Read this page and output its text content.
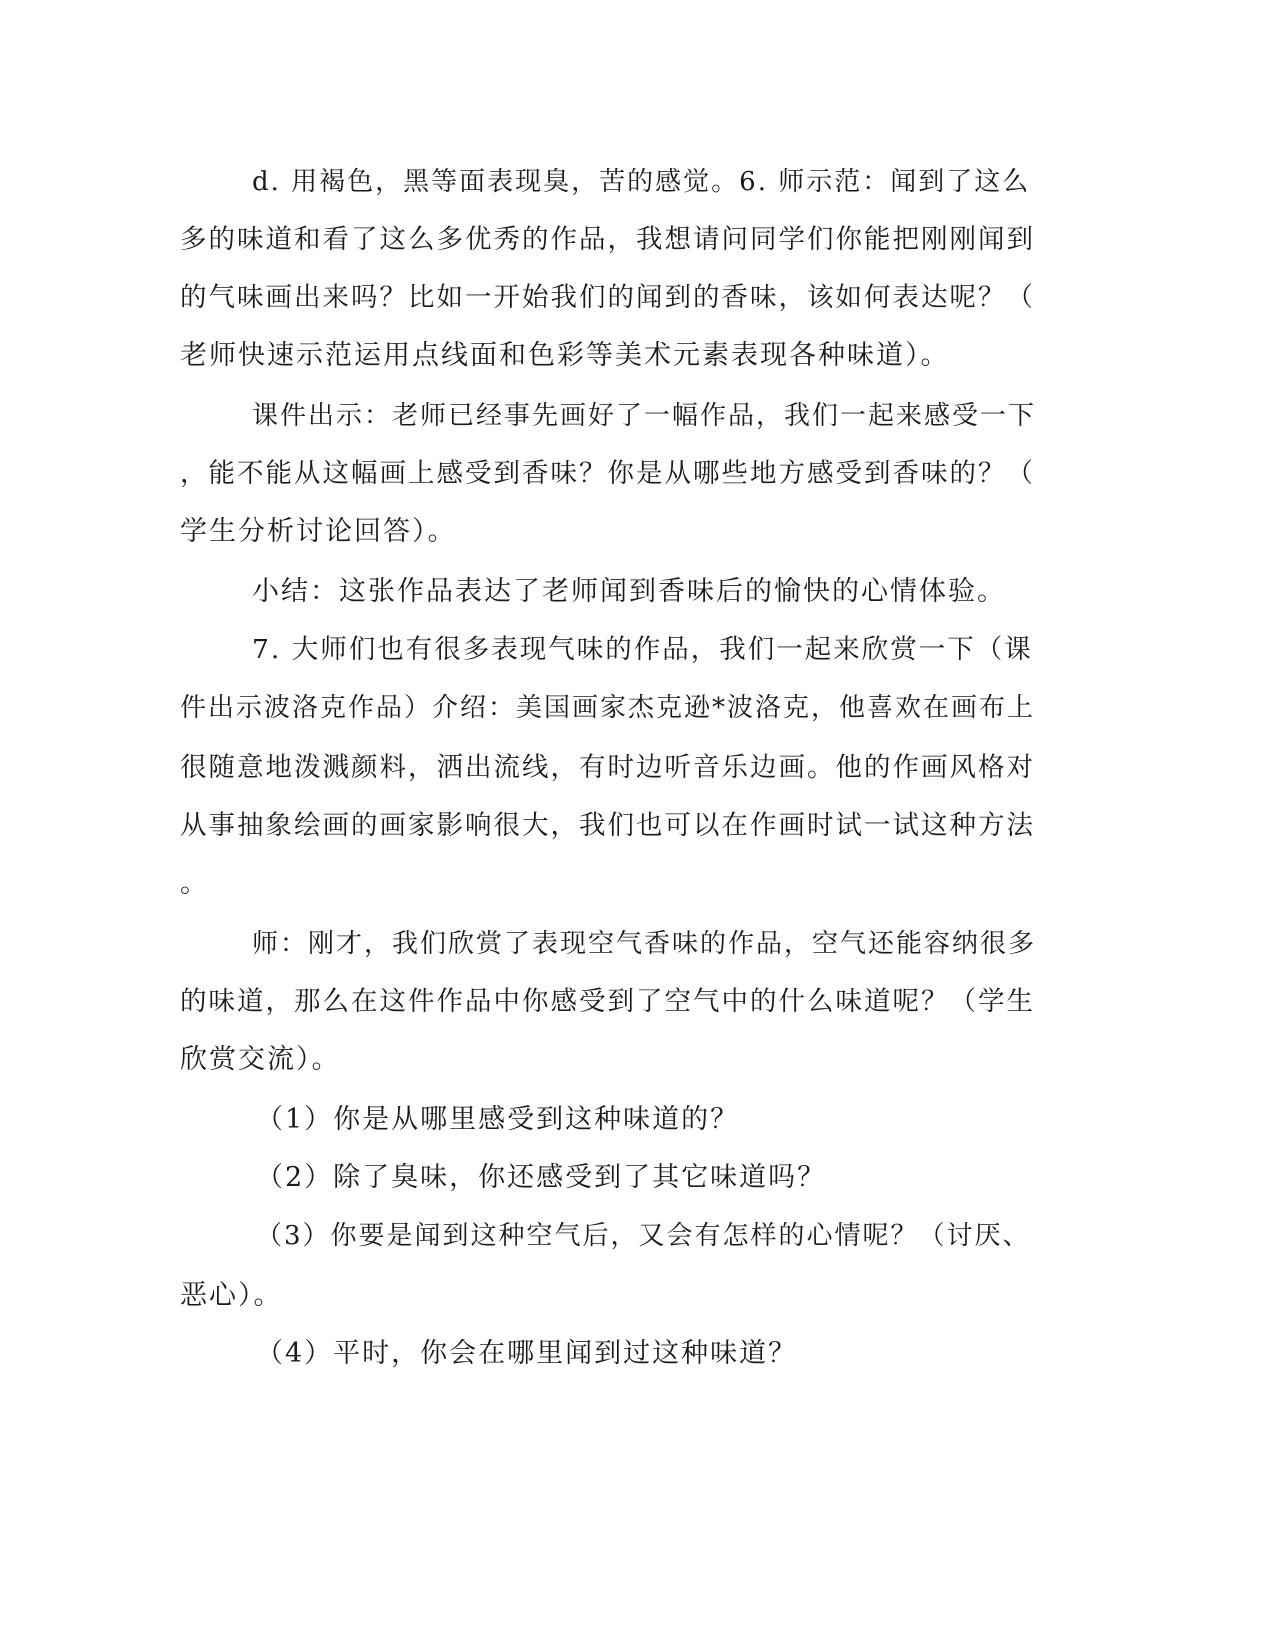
d. 用褐色，黑等面表现臭，苦的感觉。6. 师示范：闻到了这么
多的味道和看了这么多优秀的作品，我想请问同学们你能把刚刚闻到
的气味画出来吗？比如一开始我们的闻到的香味，该如何表达呢？（
老师快速示范运用点线面和色彩等美术元素表现各种味道）。
课件出示：老师已经事先画好了一幅作品，我们一起来感受一下
，能不能从这幅画上感受到香味？你是从哪些地方感受到香味的？（
学生分析讨论回答）。
小结：这张作品表达了老师闻到香味后的愉快的心情体验。
7. 大师们也有很多表现气味的作品，我们一起来欣赏一下（课
件出示波洛克作品）介绍：美国画家杰克逊*波洛克，他喜欢在画布上
很随意地泼溅颜料，洒出流线，有时边听音乐边画。他的作画风格对
从事抽象绘画的画家影响很大，我们也可以在作画时试一试这种方法
。
师：刚才，我们欣赏了表现空气香味的作品，空气还能容纳很多
的味道，那么在这件作品中你感受到了空气中的什么味道呢？（学生
欣赏交流）。
（1）你是从哪里感受到这种味道的？
（2）除了臭味，你还感受到了其它味道吗？
（3）你要是闻到这种空气后，又会有怎样的心情呢？（讨厌、
恶心）。
（4）平时，你会在哪里闻到过这种味道？
